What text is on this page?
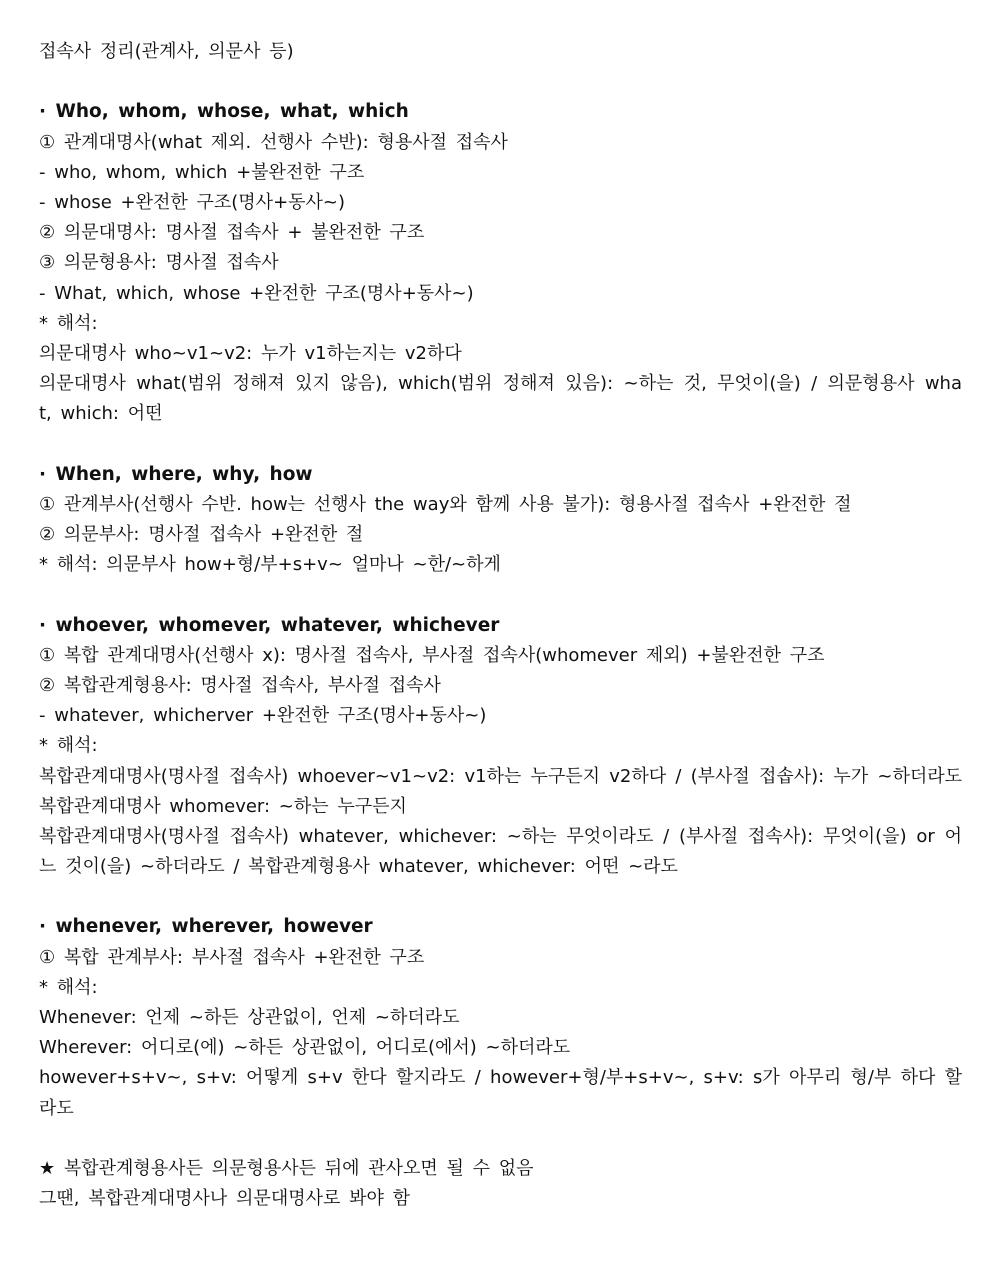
접속사 정리(관계사, 의문사 등)
· Who, whom, whose, what, which
① 관계대명사(what 제외. 선행사 수반): 형용사절 접속사
- who, whom, which +불완전한 구조
- whose +완전한 구조(명사+동사~)
② 의문대명사: 명사절 접속사 + 불완전한 구조
③ 의문형용사: 명사절 접속사
- What, which, whose +완전한 구조(명사+동사~)
* 해석:
의문대명사 who~v1~v2: 누가 v1하는지는 v2하다
의문대명사 what(범위 정해져 있지 않음), which(범위 정해져 있음): ~하는 것, 무엇이(을) / 의문형용사 wha
t, which: 어떤
· When, where, why, how
① 관계부사(선행사 수반. how는 선행사 the way와 함께 사용 불가): 형용사절 접속사 +완전한 절
② 의문부사: 명사절 접속사 +완전한 절
* 해석: 의문부사 how+형/부+s+v~ 얼마나 ~한/~하게
· whoever, whomever, whatever, whichever
① 복합 관계대명사(선행사 x): 명사절 접속사, 부사절 접속사(whomever 제외) +불완전한 구조
② 복합관계형용사: 명사절 접속사, 부사절 접속사
- whatever, whicherver +완전한 구조(명사+동사~)
* 해석:
복합관계대명사(명사절 접속사) whoever~v1~v2: v1하는 누구든지 v2하다 / (부사절 접솝사): 누가 ~하더라도
복합관계대명사 whomever: ~하는 누구든지
복합관계대명사(명사절 접속사) whatever, whichever: ~하는 무엇이라도 / (부사절 접속사): 무엇이(을) or 어
느 것이(을) ~하더라도 / 복합관계형용사 whatever, whichever: 어떤 ~라도
· whenever, wherever, however
① 복합 관계부사: 부사절 접속사 +완전한 구조
* 해석:
Whenever: 언제 ~하든 상관없이, 언제 ~하더라도
Wherever: 어디로(에) ~하든 상관없이, 어디로(에서) ~하더라도
however+s+v~, s+v: 어떻게 s+v 한다 할지라도 / however+형/부+s+v~, s+v: s가 아무리 형/부 하다 할
라도
★ 복합관계형용사든 의문형용사든 뒤에 관사오면 될 수 없음
그땐, 복합관계대명사나 의문대명사로 봐야 함
